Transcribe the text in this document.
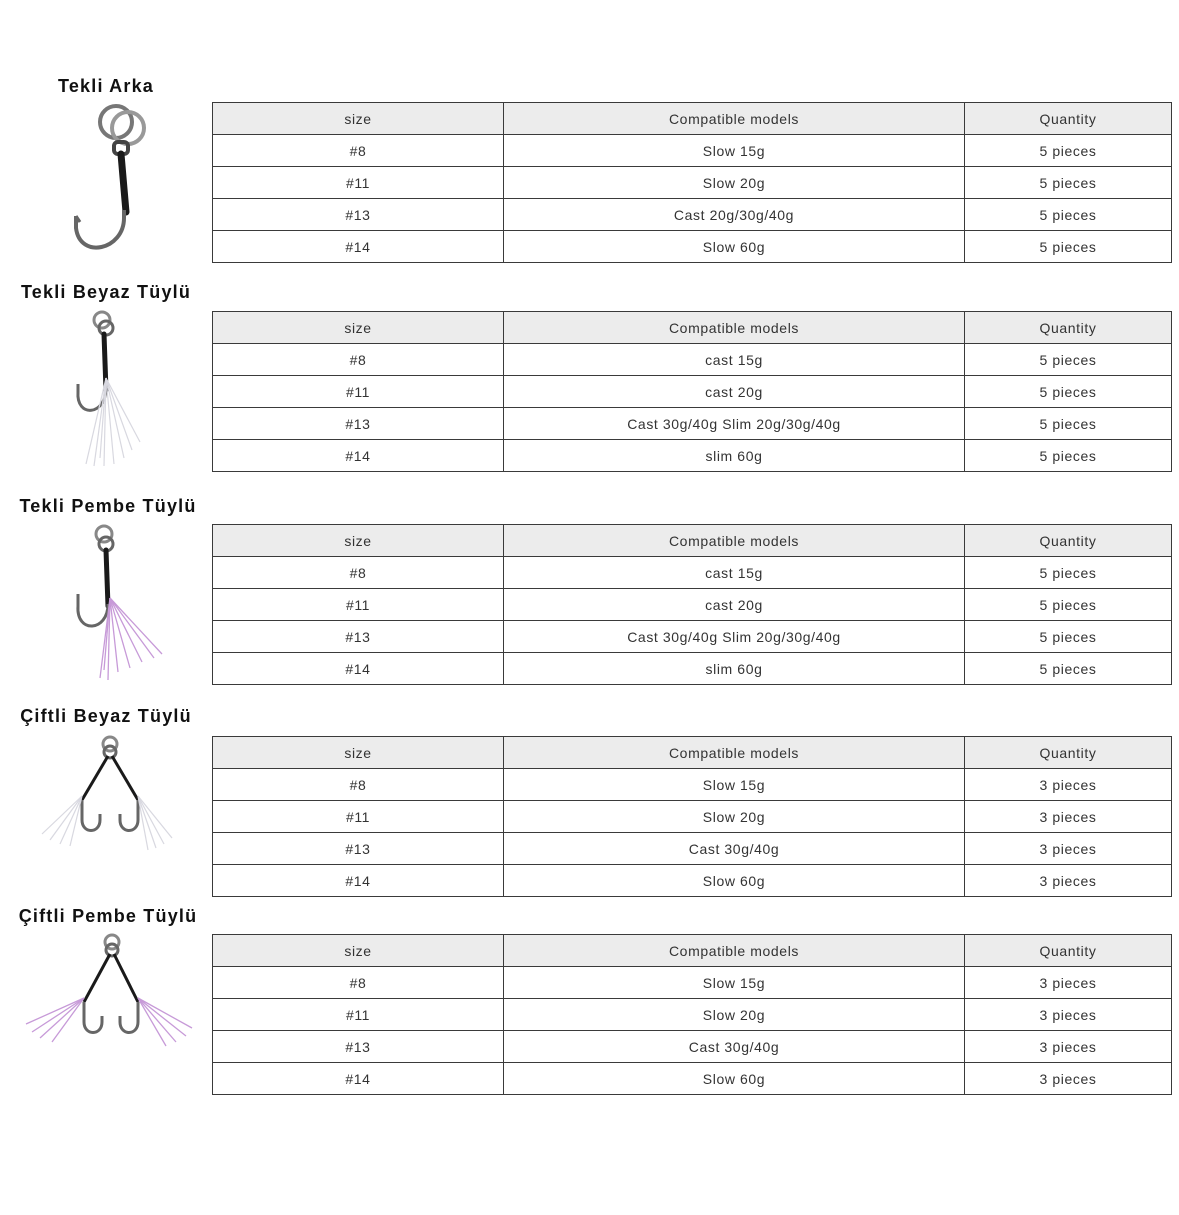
Tekli Arka
size	Compatible models	Quantity
#8	Slow 15g	5 pieces
#11	Slow 20g	5 pieces
#13	Cast 20g/30g/40g	5 pieces
#14	Slow 60g	5 pieces
Tekli Beyaz Tüylü
size	Compatible models	Quantity
#8	cast 15g	5 pieces
#11	cast 20g	5 pieces
#13	Cast 30g/40g Slim 20g/30g/40g	5 pieces
#14	slim 60g	5 pieces
Tekli Pembe Tüylü
size	Compatible models	Quantity
#8	cast 15g	5 pieces
#11	cast 20g	5 pieces
#13	Cast 30g/40g Slim 20g/30g/40g	5 pieces
#14	slim 60g	5 pieces
Çiftli Beyaz Tüylü
size	Compatible models	Quantity
#8	Slow 15g	3 pieces
#11	Slow 20g	3 pieces
#13	Cast 30g/40g	3 pieces
#14	Slow 60g	3 pieces
Çiftli Pembe Tüylü
size	Compatible models	Quantity
#8	Slow 15g	3 pieces
#11	Slow 20g	3 pieces
#13	Cast 30g/40g	3 pieces
#14	Slow 60g	3 pieces
